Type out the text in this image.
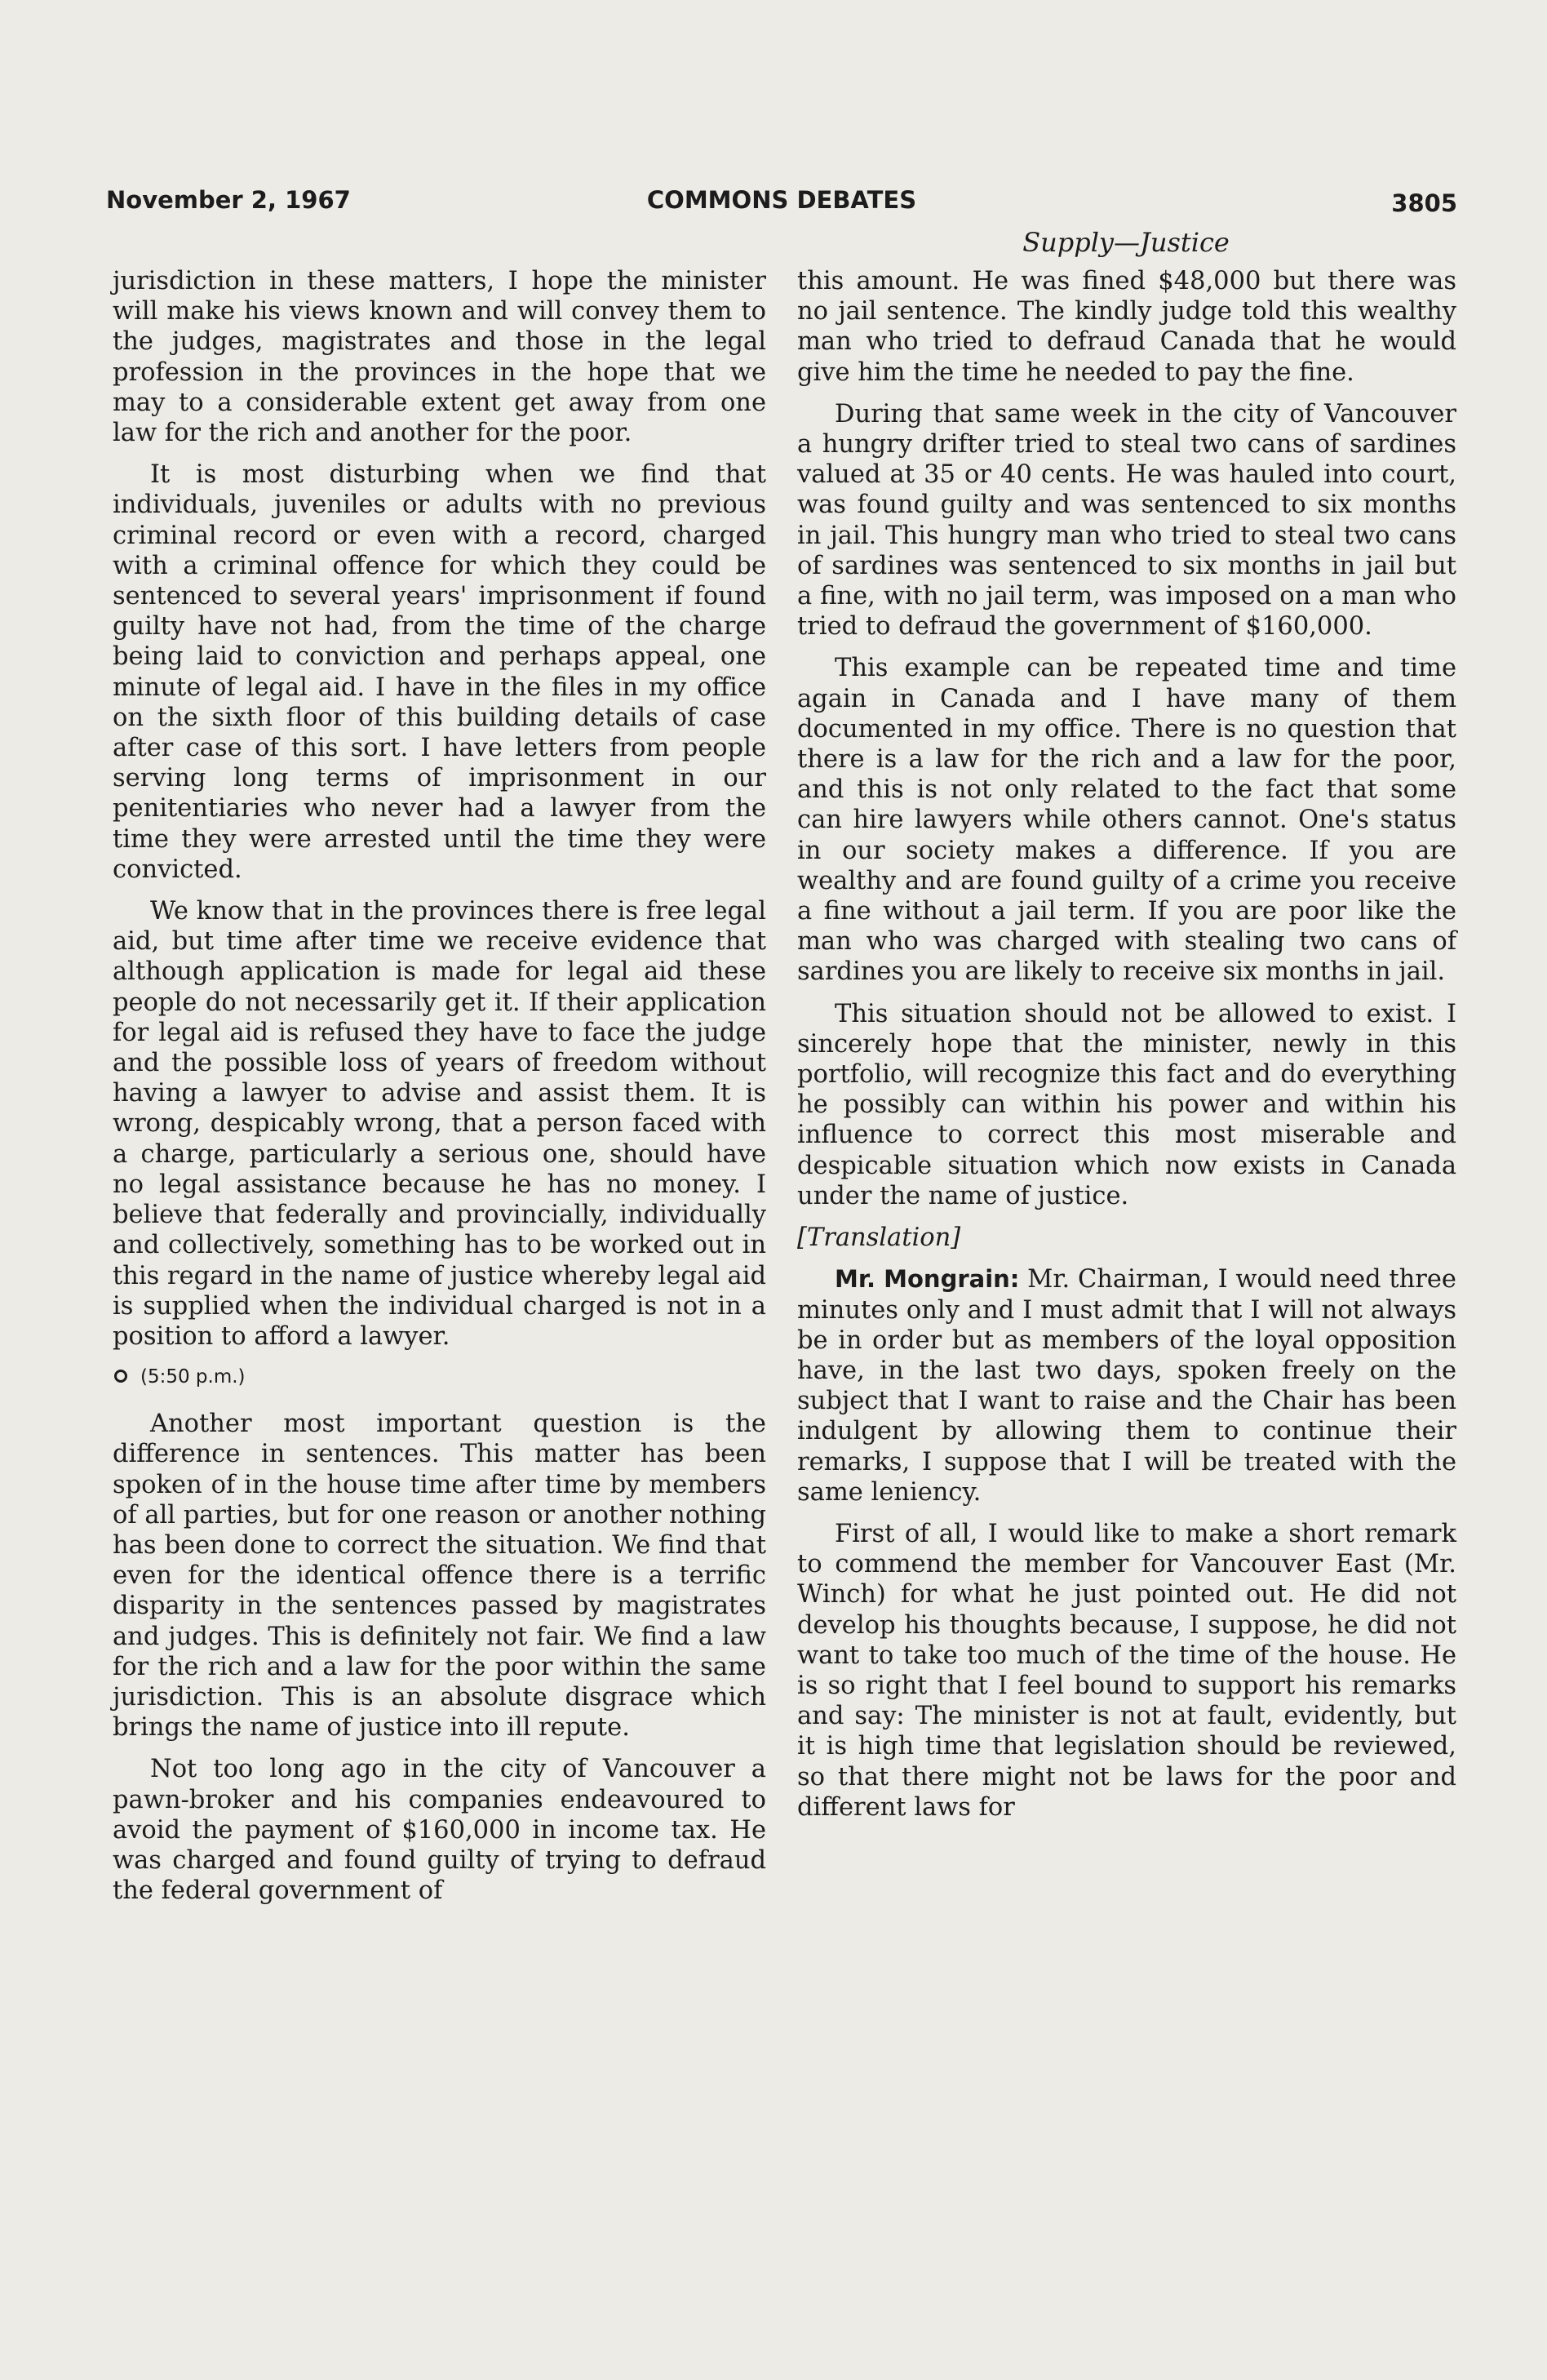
November 2, 1967	COMMONS DEBATES	3805
Supply—Justice

jurisdiction in these matters, I hope the minister will make his views known and will convey them to the judges, magistrates and those in the legal profession in the provinces in the hope that we may to a considerable extent get away from one law for the rich and another for the poor.

It is most disturbing when we find that individuals, juveniles or adults with no previous criminal record or even with a record, charged with a criminal offence for which they could be sentenced to several years' imprisonment if found guilty have not had, from the time of the charge being laid to conviction and perhaps appeal, one minute of legal aid. I have in the files in my office on the sixth floor of this building details of case after case of this sort. I have letters from people serving long terms of imprisonment in our penitentiaries who never had a lawyer from the time they were arrested until the time they were convicted.

We know that in the provinces there is free legal aid, but time after time we receive evidence that although application is made for legal aid these people do not necessarily get it. If their application for legal aid is refused they have to face the judge and the possible loss of years of freedom without having a lawyer to advise and assist them. It is wrong, despicably wrong, that a person faced with a charge, particularly a serious one, should have no legal assistance because he has no money. I believe that federally and provincially, individually and collectively, something has to be worked out in this regard in the name of justice whereby legal aid is supplied when the individual charged is not in a position to afford a lawyer.

(5:50 p.m.)

Another most important question is the difference in sentences. This matter has been spoken of in the house time after time by members of all parties, but for one reason or another nothing has been done to correct the situation. We find that even for the identical offence there is a terrific disparity in the sentences passed by magistrates and judges. This is definitely not fair. We find a law for the rich and a law for the poor within the same jurisdiction. This is an absolute disgrace which brings the name of justice into ill repute.

Not too long ago in the city of Vancouver a pawn-broker and his companies endeavoured to avoid the payment of $160,000 in income tax. He was charged and found guilty of trying to defraud the federal government of

this amount. He was fined $48,000 but there was no jail sentence. The kindly judge told this wealthy man who tried to defraud Canada that he would give him the time he needed to pay the fine.

During that same week in the city of Vancouver a hungry drifter tried to steal two cans of sardines valued at 35 or 40 cents. He was hauled into court, was found guilty and was sentenced to six months in jail. This hungry man who tried to steal two cans of sardines was sentenced to six months in jail but a fine, with no jail term, was imposed on a man who tried to defraud the government of $160,000.

This example can be repeated time and time again in Canada and I have many of them documented in my office. There is no question that there is a law for the rich and a law for the poor, and this is not only related to the fact that some can hire lawyers while others cannot. One's status in our society makes a difference. If you are wealthy and are found guilty of a crime you receive a fine without a jail term. If you are poor like the man who was charged with stealing two cans of sardines you are likely to receive six months in jail.

This situation should not be allowed to exist. I sincerely hope that the minister, newly in this portfolio, will recognize this fact and do everything he possibly can within his power and within his influence to correct this most miserable and despicable situation which now exists in Canada under the name of justice.

[Translation]

Mr. Mongrain: Mr. Chairman, I would need three minutes only and I must admit that I will not always be in order but as members of the loyal opposition have, in the last two days, spoken freely on the subject that I want to raise and the Chair has been indulgent by allowing them to continue their remarks, I suppose that I will be treated with the same leniency.

First of all, I would like to make a short remark to commend the member for Vancouver East (Mr. Winch) for what he just pointed out. He did not develop his thoughts because, I suppose, he did not want to take too much of the time of the house. He is so right that I feel bound to support his remarks and say: The minister is not at fault, evidently, but it is high time that legislation should be reviewed, so that there might not be laws for the poor and different laws for
